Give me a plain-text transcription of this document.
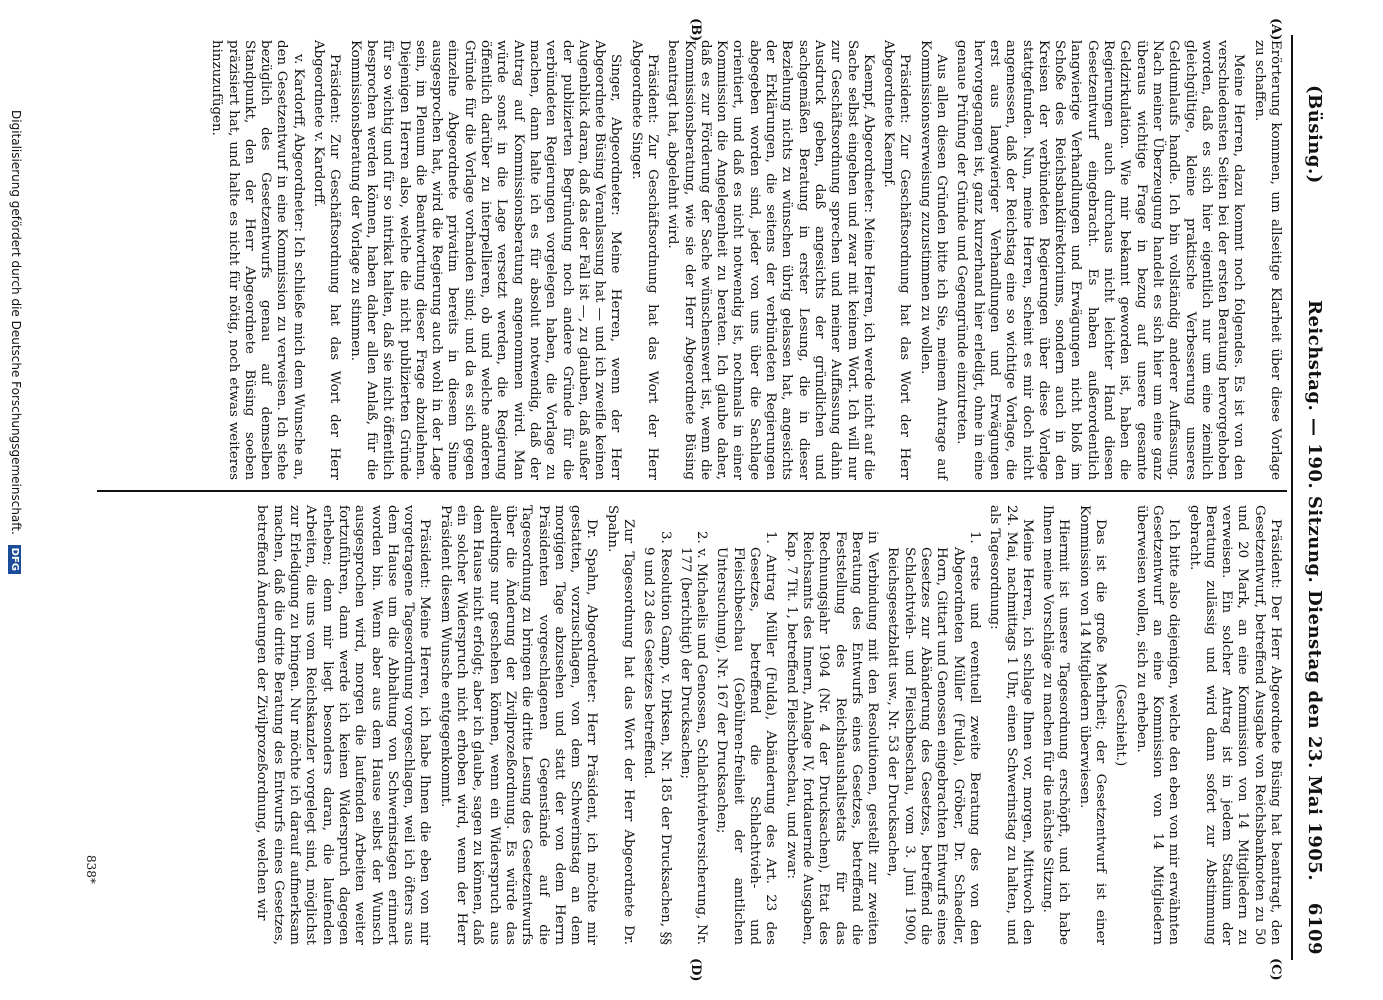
(Büsing.)
Reichstag. — 190. Sitzung. Dienstag den 23. Mai 1905.
6109
(A)
(B)
(C)
(D)

Erörterung kommen, um allseitige Klarheit über diese Vorlage zu schaffen.

Meine Herren, dazu kommt noch folgendes. Es ist von den verschiedensten Seiten bei der ersten Beratung hervorgehoben worden, daß es sich hier eigentlich nur um eine ziemlich gleichgültige, kleine praktische Verbesserung unseres Geldumlaufs handle. Ich bin vollständig anderer Auffassung. Nach meiner Überzeugung handelt es sich hier um eine ganz überaus wichtige Frage in bezug auf unsere gesamte Geldzirkulation. Wie mir bekannt geworden ist, haben die Regierungen auch durchaus nicht leichter Hand diesen Gesetzentwurf eingebracht. Es haben außerordentlich langwierige Verhandlungen und Erwägungen nicht bloß im Schoße des Reichsbankdirektoriums, sondern auch in den Kreisen der verbündeten Regierungen über diese Vorlage stattgefunden. Nun, meine Herren, scheint es mir doch nicht angemessen, daß der Reichstag eine so wichtige Vorlage, die erst aus langwieriger Verhandlungen und Erwägungen hervorgegangen ist, ganz kurzerhand hier erledigt, ohne in eine genaue Prüfung der Gründe und Gegengründe einzutreten.

Aus allen diesen Gründen bitte ich Sie, meinem Antrage auf Kommissionsverweisung zuzustimmen zu wollen.

Präsident: Zur Geschäftsordnung hat das Wort der Herr Abgeordnete Kaempf.

Kaempf, Abgeordneter: Meine Herren, ich werde nicht auf die Sache selbst eingehen und zwar mit keinem Wort. Ich will nur zur Geschäftsordnung sprechen und meiner Auffassung dahin Ausdruck geben, daß angesichts der gründlichen und sachgemäßen Beratung in erster Lesung, die in dieser Beziehung nichts zu wünschen übrig gelassen hat, angesichts der Erklärungen, die seitens der verbündeten Regierungen abgegeben worden sind, jeder von uns über die Sachlage orientiert, und daß es nicht notwendig ist, nochmals in einer Kommission die Angelegenheit zu beraten. Ich glaube daher, daß es zur Förderung der Sache wünschenswert ist, wenn die Kommissionsberatung, wie sie der Herr Abgeordnete Büsing beantragt hat, abgelehnt wird.

Präsident: Zur Geschäftsordnung hat das Wort der Herr Abgeordnete Singer.

Singer, Abgeordneter: Meine Herren, wenn der Herr Abgeordnete Büsing Veranlassung hat — und ich zweifle keinen Augenblick daran, daß das der Fall ist —, zu glauben, daß außer der publizierten Begründung noch andere Gründe für die verbündeten Regierungen vorgelegen haben, die Vorlage zu machen, dann halte ich es für absolut notwendig, daß der Antrag auf Kommissionsberatung angenommen wird. Man würde sonst in die Lage versetzt werden, die Regierung öffentlich darüber zu interpellieren, ob und welche anderen Gründe für die Vorlage vorhanden sind; und da es sich gegen einzelne Abgeordnete privatim bereits in diesem Sinne ausgesprochen hat, wird die Regierung auch wohl in der Lage sein, im Plenum die Beantwortung dieser Frage abzulehnen. Diejenigen Herren also, welche die nicht publizierten Gründe für so wichtig und für so intrikat halten, daß sie nicht öffentlich besprochen werden können, haben daher allen Anlaß, für die Kommissionsberatung der Vorlage zu stimmen.

Präsident: Zur Geschäftsordnung hat das Wort der Herr Abgeordnete v. Kardorff.

v. Kardorff, Abgeordneter: Ich schließe mich dem Wunsche an, den Gesetzentwurf in eine Kommission zu verweisen. Ich stehe bezüglich des Gesetzentwurfs genau auf demselben Standpunkt, den der Herr Abgeordnete Büsing soeben präzisiert hat, und halte es nicht für nötig, noch etwas weiteres hinzuzufügen.

Präsident: Der Herr Abgeordnete Büsing hat beantragt, den Gesetzentwurf, betreffend Ausgabe von Reichsbanknoten zu 50 und 20 Mark, an eine Kommission von 14 Mitgliedern zu verweisen. Ein solcher Antrag ist in jedem Stadium der Beratung zulässig und wird dann sofort zur Abstimmung gebracht.

Ich bitte also diejenigen, welche den eben von mir erwähnten Gesetzentwurf an eine Kommission von 14 Mitgliedern überweisen wollen, sich zu erheben.

(Geschieht.)

Das ist die große Mehrheit; der Gesetzentwurf ist einer Kommission von 14 Mitgliedern überwiesen.

Hiermit ist unsere Tagesordnung erschöpft, und ich habe Ihnen meine Vorschläge zu machen für die nächste Sitzung.

Meine Herren, ich schlage Ihnen vor, morgen, Mittwoch den 24. Mai, nachmittags 1 Uhr, einen Schwerinstag zu halten, und als Tagesordnung:

1. erste und eventuell zweite Beratung des von den Abgeordneten Müller (Fulda), Gröber, Dr. Schaedler, Horn, Gittart und Genossen eingebrachten Entwurfs eines Gesetzes zur Abänderung des Gesetzes, betreffend die Schlachtvieh- und Fleischbeschau, vom 3. Juni 1900, Reichsgesetzblatt usw., Nr. 53 der Drucksachen,

in Verbindung mit den Resolutionen, gestellt zur zweiten Beratung des Entwurfs eines Gesetzes, betreffend die Feststellung des Reichshaushaltsetats für das Rechnungsjahr 1904 (Nr. 4 der Drucksachen), Etat des Reichsamts des Innern, Anlage IV, fortdauernde Ausgaben, Kap. 7 Tit. 1, betreffend Fleischbeschau, und zwar:

1. Antrag Müller (Fulda), Abänderung des Art. 23 des Gesetzes, betreffend die Schlachtvieh- und Fleischbeschau (Gebühren-freiheit der amtlichen Untersuchung), Nr. 167 der Drucksachen;

2. v. Michaelis und Genossen, Schlachtviehversicherung, Nr. 177 (berichtigt) der Drucksachen;

3. Resolution Gamp, v. Dirksen, Nr. 185 der Drucksachen, §§ 9 und 23 des Gesetzes betreffend.

Zur Tagesordnung hat das Wort der Herr Abgeordnete Dr. Spahn.

Dr. Spahn, Abgeordneter: Herr Präsident, ich möchte mir gestatten, vorzuschlagen, von dem Schwerinstag an dem morgigen Tage abzusehen und statt der von dem Herrn Präsidenten vorgeschlagenen Gegenstände auf die Tagesordnung zu bringen die dritte Lesung des Gesetzentwurfs über die Änderung der Zivilprozeßordnung. Es würde das allerdings nur geschehen können, wenn ein Widerspruch aus dem Hause nicht erfolgt; aber ich glaube, sagen zu können, daß ein solcher Widerspruch nicht erhoben wird, wenn der Herr Präsident diesem Wunsche entgegenkommt.

Präsident: Meine Herren, ich habe Ihnen die eben von mir vorgetragene Tagesordnung vorgeschlagen, weil ich öfters aus dem Hause um die Abhaltung von Schwerinstagen erinnert worden bin. Wenn aber aus dem Hause selbst der Wunsch ausgesprochen wird, morgen die laufenden Arbeiten weiter fortzuführen, dann werde ich keinen Widerspruch dagegen erheben; denn mir liegt besonders daran, die laufenden Arbeiten, die uns vom Reichskanzler vorgelegt sind, möglichst zur Erledigung zu bringen. Nur möchte ich darauf aufmerksam machen, daß die dritte Beratung des Entwurfs eines Gesetzes, betreffend Änderungen der Zivilprozeßordnung, welchen wir

838*
Digitalisierung gefördert durch die Deutsche Forschungsgemeinschaft. DFG
